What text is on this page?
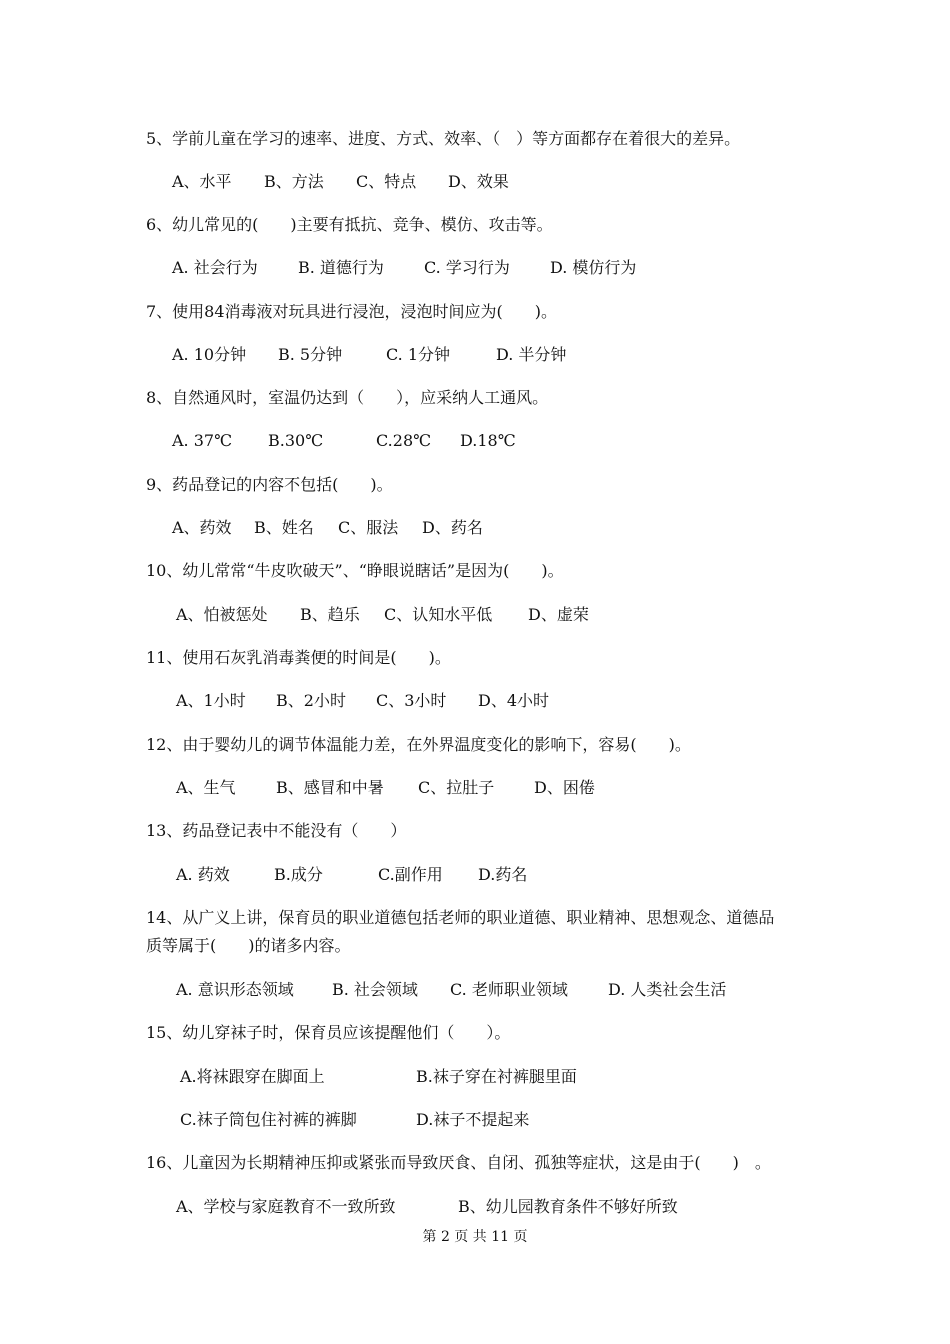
5、学前儿童在学习的速率、进度、方式、效率、（　）等方面都存在着很大的差异。
A、水平 B、方法 C、特点 D、效果
6、幼儿常见的(　　)主要有抵抗、竞争、模仿、攻击等。
A. 社会行为	B. 道德行为	C. 学习行为	D. 模仿行为
7、使用84消毒液对玩具进行浸泡，浸泡时间应为(　　)。
A. 10分钟 B. 5分钟	C. 1分钟	D. 半分钟
8、自然通风时，室温仍达到（　　），应采纳人工通风。
A. 37℃ B.30℃	C.28℃ D.18℃
9、药品登记的内容不包括(　　)。
A、药效 B、姓名 C、服法 D、药名
10、幼儿常常“牛皮吹破天”、“睁眼说瞎话”是因为(　　)。
A、怕被惩处 B、趋乐 C、认知水平低 D、虚荣
11、使用石灰乳消毒粪便的时间是(　　)。
A、1小时 B、2小时 C、3小时 D、4小时
12、由于婴幼儿的调节体温能力差，在外界温度变化的影响下，容易(　　)。
A、生气	B、感冒和中暑 C、拉肚子 D、困倦
13、药品登记表中不能没有（　　）
A. 药效	B.成分	C.副作用 D.药名
14、从广义上讲，保育员的职业道德包括老师的职业道德、职业精神、思想观念、道德品
质等属于(　　)的诸多内容。
A. 意识形态领域 B. 社会领域 C. 老师职业领域	D. 人类社会生活
15、幼儿穿袜子时，保育员应该提醒他们（　　）。
A.将袜跟穿在脚面上	B.袜子穿在衬裤腿里面
C.袜子筒包住衬裤的裤脚	D.袜子不提起来
16、儿童因为长期精神压抑或紧张而导致厌食、自闭、孤独等症状，这是由于(　　)　。
A、学校与家庭教育不一致所致	B、幼儿园教育条件不够好所致
第 2 页 共 11 页
